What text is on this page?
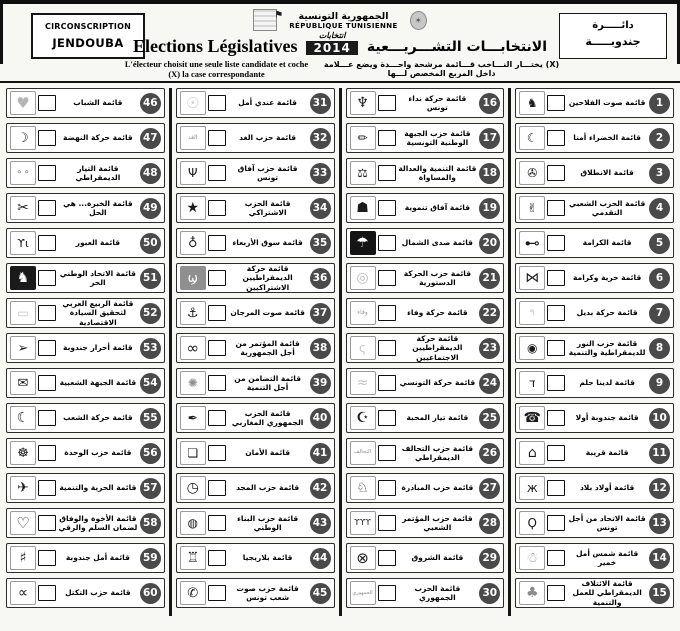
CIRCONSCRIPTION
JENDOUBA
⚑	الجمهورية التونسية
RÉPUBLIQUE TUNISIENNE
✶
Elections Législatives
انتخابات
2014	الانتخابـــات التشـــريـــعية
L'électeur choisit une seule liste candidate et coche (X) la case correspondante
يختـــار النـــاخب قـــائمة مرشحة واحـــدة ويضع عـــلامة (X) داخل المربع المخصص لـــها
دائـــــرة
جندوبـــــة
46
قائمة الشباب
♥
47
قائمة حركة النهضة
☽
48
قائمة التيار الديمقراطي
⚬⚬
49
قائمة الخبرة... هي الحل
✂
50
قائمة العبور
ϒι
51
قائمة الاتحاد الوطني الحر
♞
52
قائمة الربيع العربي لتحقيق السيادة الاقتصادية
▭
53
قائمة أحرار جندوبة
➢
54
قائمة الجبهة الشعبية
✉
55
قائمة حركة الشعب
☾
56
قائمة حزب الوحدة
☸
57
قائمة الحرية والتنمية
✈
58
قائمة الأخوة والوفاق لضمان السلم والرقي
♡
59
قائمة أمل جندوبة
♯
60
قائمة حزب التكتل
∝
31
قائمة عندي أمل
☉
32
قائمة حزب الغد
الغد
33
قائمة حزب آفاق تونس
Ψ
34
قائمة الحزب الاشتراكي
★
35
قائمة سوق الأربعاء
♁
36
قائمة حركة الديمقراطيين الاشتراكيين
ϣ
37
قائمة صوت المرجان
⚓
38
قائمة المؤتمر من أجل الجمهورية
∞
39
قائمة التضامن من أجل التنمية
✺
40
قائمة الحزب الجمهوري المغاربي
✒
41
قائمة الأمان
❏
42
قائمة حزب المجد
◷
43
قائمة حزب البناء الوطني
◍
44
قائمة بلاريجيا
♖
45
قائمة حزب صوت شعب تونس
✆
16
قائمة حركة نداء تونس
♆
17
قائمة حزب الجبهة الوطنية التونسية
✏
18
قائمة التنمية والعدالة والمساواة
⚖
19
قائمة آفاق تنموية
☗
20
قائمة صدى الشمال
☂
21
قائمة حزب الحركة الدستورية
◎
22
قائمة حركة وفاء
وفاء
23
قائمة حركة الديمقراطيين الاجتماعيين
ς
24
قائمة حركة التونسي
≈
25
قائمة تيار المحبة
☪
26
قائمة حزب التحالف الديمقراطي
التحالف
27
قائمة حزب المبادرة
♘
28
قائمة حزب المؤتمر الشعبي
ϒϒϒ
29
قائمة الشروق
⊗
30
قائمة الحزب الجمهوري
الجمهوري
1
قائمة صوت الفلاحين
♞
2
قائمة الخضراء أمنا
☾
3
قائمة الانطلاق
✇
4
قائمة الحزب الشعبي التقدمي
✌
5
قائمة الكرامة
⊶
6
قائمة حرية وكرامة
⋈
7
قائمة حركة بديل
٩
8
قائمة حزب النور للديمقراطية والتنمية
◉
9
قائمة لدينا حلم
ד
10
قائمة جندوبة أولا
☎
11
قائمة قريبة
⌂
12
قائمة أولاد بلاد
ж
13
قائمة الاتحاد من أجل تونس
Ϙ
14
قائمة شمس أمل خمير
☃
15
قائمة الائتلاف الديمقراطي للعمل والتنمية
♣
